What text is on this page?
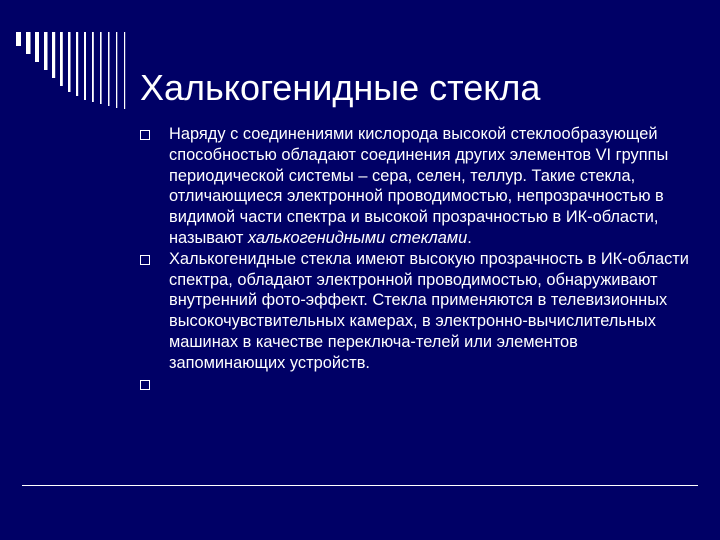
Халькогенидные стекла
Наряду с соединениями кислорода высокой стеклообразующей способностью обладают соединения других элементов VI группы периодической системы – сера, селен, теллур. Такие стекла, отличающиеся электронной проводимостью, непрозрачностью в видимой части спектра и высокой прозрачностью в ИК-области, называют халькогенидными стеклами.
Халькогенидные стекла имеют высокую прозрачность в ИК-области спектра, обладают электронной проводимостью, обнаруживают внутренний фото-эффект. Стекла применяются в телевизионных высокочувствительных камерах, в электронно-вычислительных машинах в качестве переключа-телей или элементов запоминающих устройств.
